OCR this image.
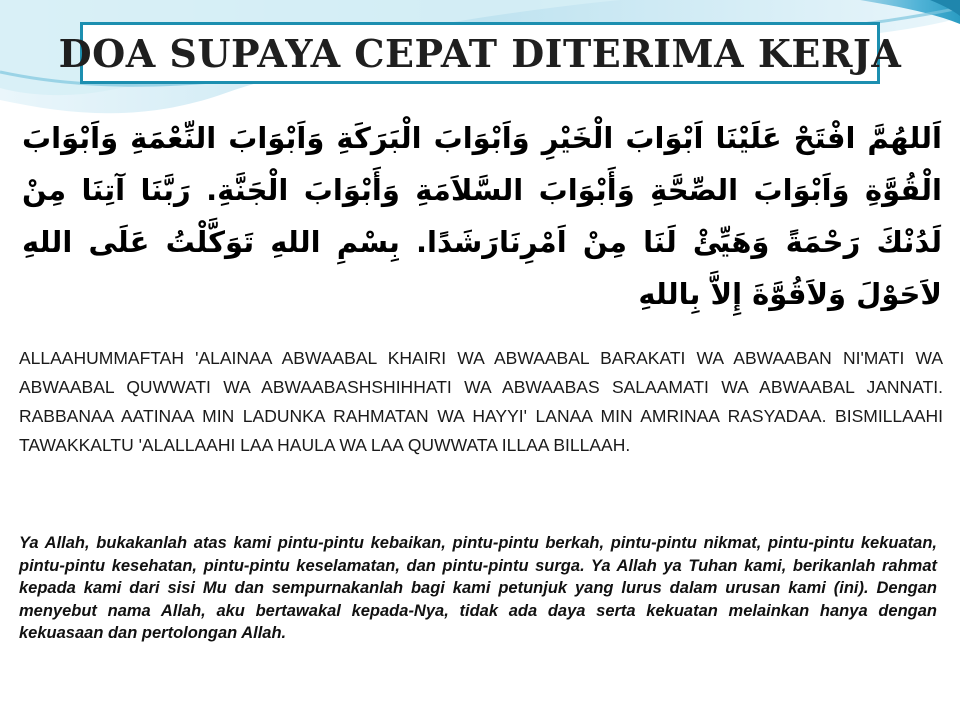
DOA SUPAYA CEPAT DITERIMA KERJA
اَللهُمَّ افْتَحْ عَلَيْنَا اَبْوَابَ الْخَيْرِ وَاَبْوَابَ الْبَرَكَةِ وَاَبْوَابَ النِّعْمَةِ وَاَبْوَابَ الْقُوَّةِ وَاَبْوَابَ الصِّحَّةِ وَأَبْوَابَ السَّلاَمَةِ وَأَبْوَابَ الْجَنَّةِ. رَبَّنَا آتِنَا مِنْ لَدُنْكَ رَحْمَةً وَهَيِّئْ لَنَا مِنْ اَمْرِنَارَشَدًا. بِسْمِ اللهِ تَوَكَّلْتُ عَلَى اللهِ لاَحَوْلَ وَلاَقُوَّةَ إِلاَّ بِاللهِ
ALLAAHUMMAFTAH 'ALAINAA ABWAABAL KHAIRI WA ABWAABAL BARAKATI WA ABWAABAN NI'MATI WA ABWAABAL QUWWATI WA ABWAABASHSHIHHATI WA ABWAABAS SALAAMATI WA ABWAABAL JANNATI. RABBANAA AATINAA MIN LADUNKA RAHMATAN WA HAYYI' LANAA MIN AMRINAA RASYADAA. BISMILLAAHI TAWAKKALTU 'ALALLAAHI LAA HAULA WA LAA QUWWATA ILLAA BILLAAH.
Ya Allah, bukakanlah atas kami pintu-pintu kebaikan, pintu-pintu berkah, pintu-pintu nikmat, pintu-pintu kekuatan, pintu-pintu kesehatan, pintu-pintu keselamatan, dan pintu-pintu surga. Ya Allah ya Tuhan kami, berikanlah rahmat kepada kami dari sisi Mu dan sempurnakanlah bagi kami petunjuk yang lurus dalam urusan kami (ini). Dengan menyebut nama Allah, aku bertawakal kepada-Nya, tidak ada daya serta kekuatan melainkan hanya dengan kekuasaan dan pertolongan Allah.
